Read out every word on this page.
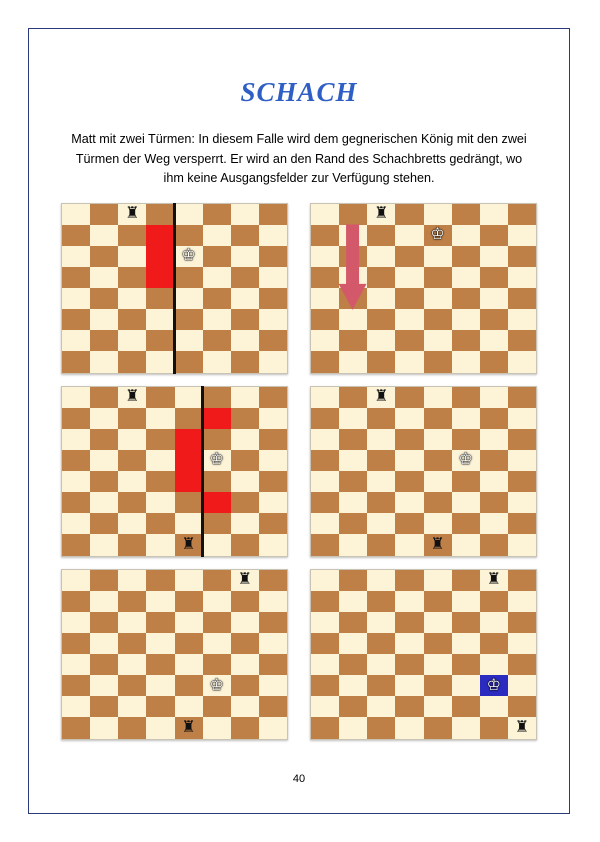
SCHACH
Matt mit zwei Türmen: In diesem Falle wird dem gegnerischen König mit den zwei Türmen der Weg versperrt. Er wird an den Rand des Schachbretts gedrängt, wo ihm keine Ausgangsfelder zur Verfügung stehen.
♜
♔
♜
♔
♜
♔
♜
♜
♔
♜
♜
♔
♜
♜
♔
♜
40
